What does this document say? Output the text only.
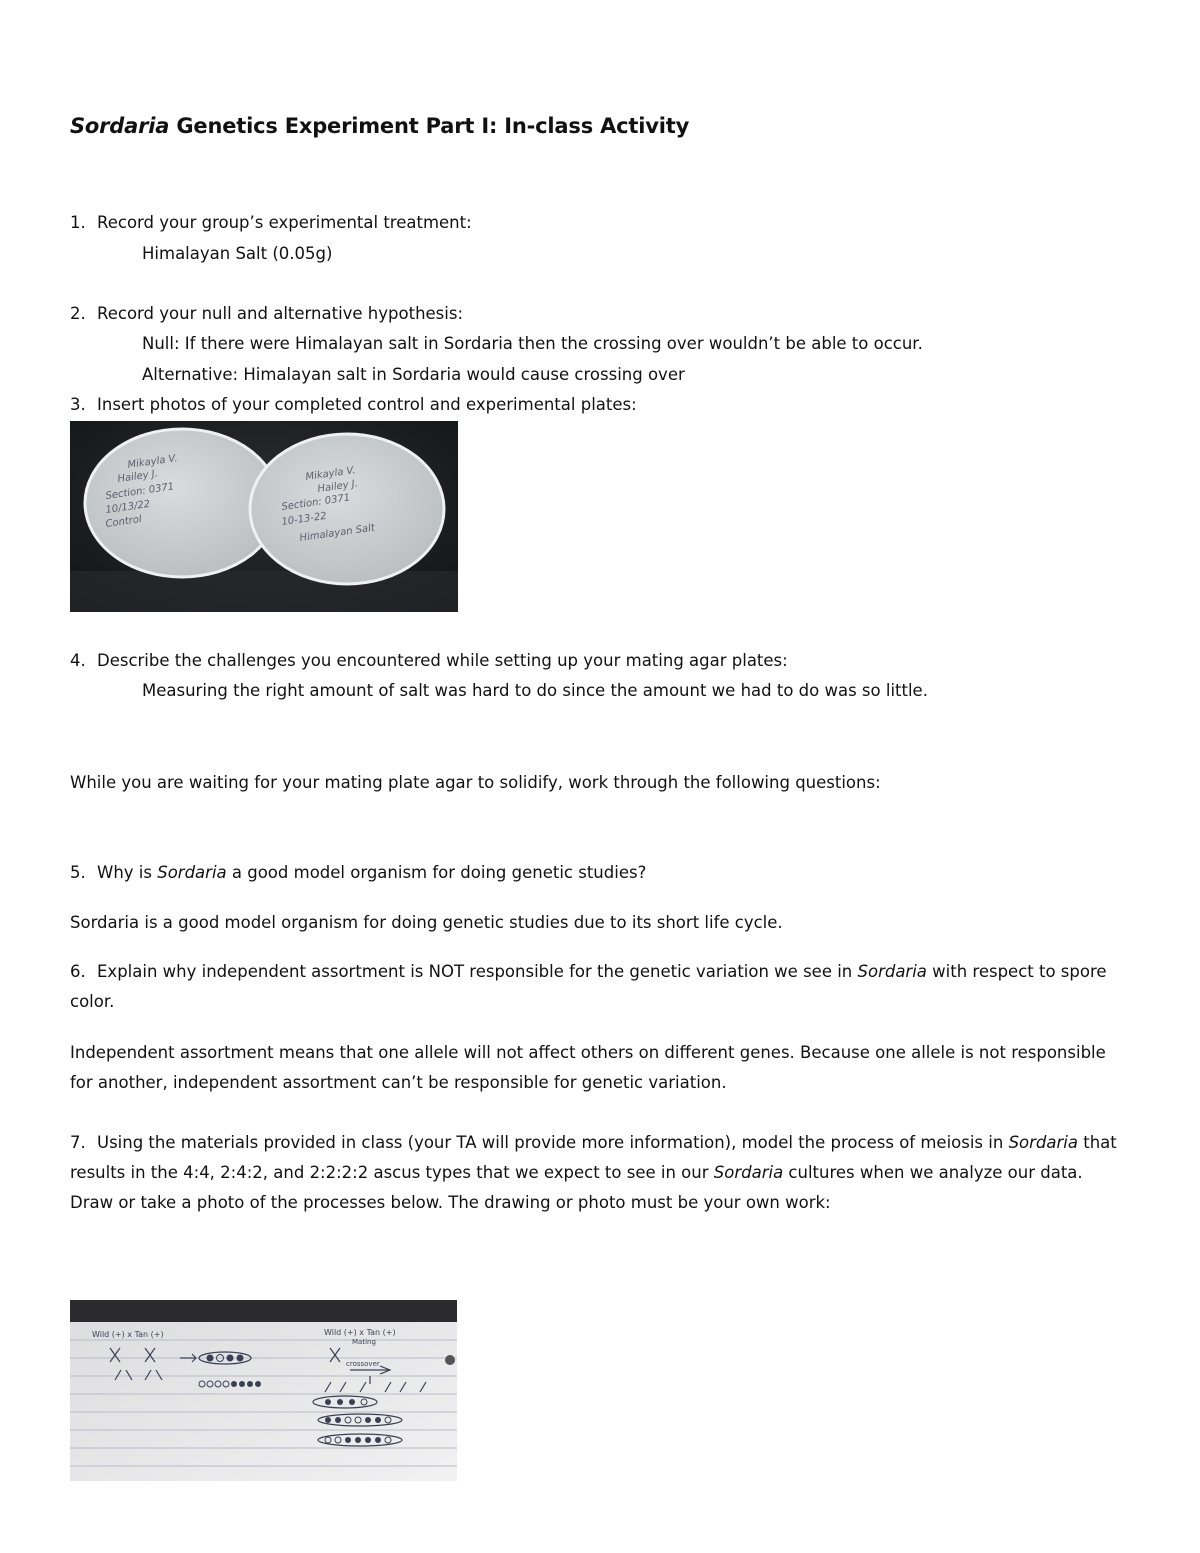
Sordaria Genetics Experiment Part I: In-class Activity
1. Record your group’s experimental treatment:
Himalayan Salt (0.05g)
2. Record your null and alternative hypothesis:
Null: If there were Himalayan salt in Sordaria then the crossing over wouldn’t be able to occur.
Alternative: Himalayan salt in Sordaria would cause crossing over
3. Insert photos of your completed control and experimental plates:
Mikayla V.
Hailey J.
Section: 0371
10/13/22
Control
Mikayla V.
Hailey J.
Section: 0371
10-13-22
Himalayan Salt
4. Describe the challenges you encountered while setting up your mating agar plates:
Measuring the right amount of salt was hard to do since the amount we had to do was so little.
While you are waiting for your mating plate agar to solidify, work through the following questions:
5. Why is Sordaria a good model organism for doing genetic studies?
Sordaria is a good model organism for doing genetic studies due to its short life cycle.
6. Explain why independent assortment is NOT responsible for the genetic variation we see in Sordaria with respect to spore color.
Independent assortment means that one allele will not affect others on different genes. Because one allele is not responsible for another, independent assortment can’t be responsible for genetic variation.
7. Using the materials provided in class (your TA will provide more information), model the process of meiosis in Sordaria that results in the 4:4, 2:4:2, and 2:2:2:2 ascus types that we expect to see in our Sordaria cultures when we analyze our data. Draw or take a photo of the processes below. The drawing or photo must be your own work:
Wild (+) x Tan (+)	Wild (+) x Tan (+)
Mating
crossover
